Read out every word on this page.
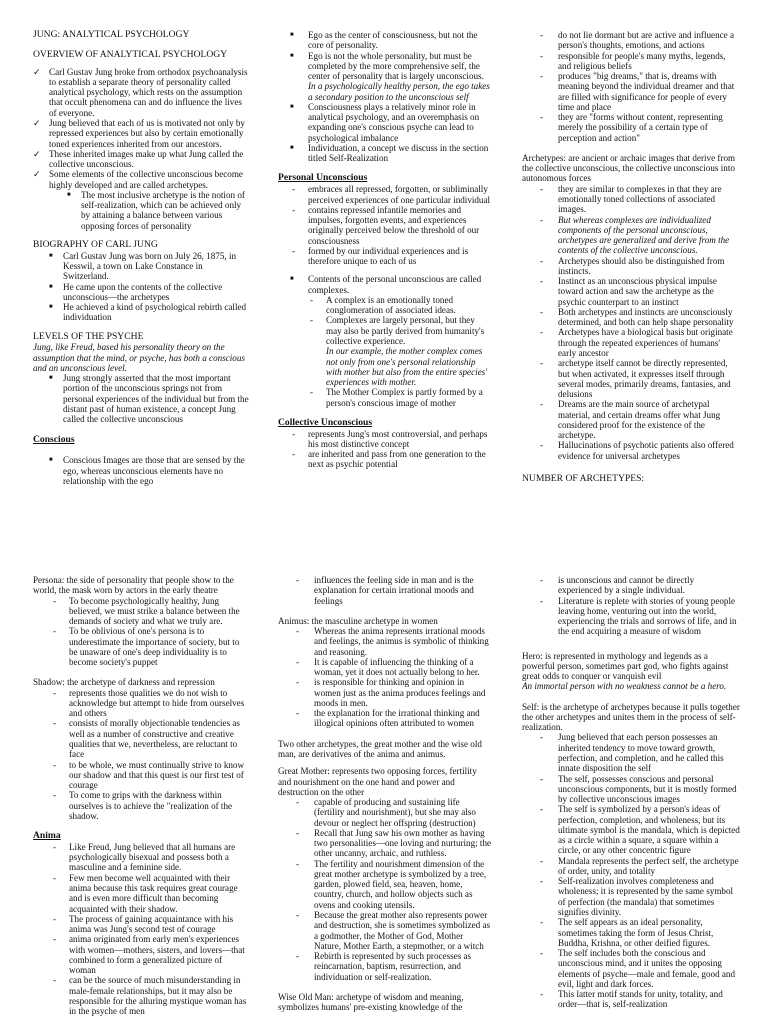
JUNG: ANALYTICAL PSYCHOLOGY
OVERVIEW OF ANALYTICAL PSYCHOLOGY
✓ Carl Gustav Jung broke from orthodox psychoanalysis to establish a separate theory of personality called analytical psychology, which rests on the assumption that occult phenomena can and do influence the lives of everyone.
✓ Jung believed that each of us is motivated not only by repressed experiences but also by certain emotionally toned experiences inherited from our ancestors.
✓ These inherited images make up what Jung called the collective unconscious.
✓ Some elements of the collective unconscious become highly developed and are called archetypes.
■	The most inclusive archetype is the notion of self-realization, which can be achieved only by attaining a balance between various opposing forces of personality
BIOGRAPHY OF CARL JUNG
■	Carl Gustav Jung was born on July 26, 1875, in Kesswil, a town on Lake Constance in Switzerland.
■	He came upon the contents of the collective unconscious—the archetypes
■	He achieved a kind of psychological rebirth called individuation
LEVELS OF THE PSYCHE
Jung, like Freud, based his personality theory on the assumption that the mind, or psyche, has both a conscious and an unconscious level.
■	Jung strongly asserted that the most important portion of the unconscious springs not from personal experiences of the individual but from the distant past of human existence, a concept Jung called the collective unconscious
Conscious
■	Conscious Images are those that are sensed by the ego, whereas unconscious elements have no relationship with the ego
■	Ego as the center of consciousness, but not the core of personality.
■	Ego is not the whole personality, but must be completed by the more comprehensive self, the center of personality that is largely unconscious.
In a psychologically healthy person, the ego takes a secondary position to the unconscious self
■	Consciousness plays a relatively minor role in analytical psychology, and an overemphasis on expanding one's conscious psyche can lead to psychological imbalance
■	Individuation, a concept we discuss in the section titled Self-Realization
Personal Unconscious
-	embraces all repressed, forgotten, or subliminally perceived experiences of one particular individual
-	contains repressed infantile memories and impulses, forgotten events, and experiences originally perceived below the threshold of our consciousness
-	formed by our individual experiences and is therefore unique to each of us
■	Contents of the personal unconscious are called complexes.
-	A complex is an emotionally toned conglomeration of associated ideas.
-	Complexes are largely personal, but they may also be partly derived from humanity's collective experience.
In our example, the mother complex comes not only from one's personal relationship with mother but also from the entire species' experiences with mother.
-	The Mother Complex is partly formed by a person's conscious image of mother
Collective Unconscious
-	represents Jung's most controversial, and perhaps his most distinctive concept
-	are inherited and pass from one generation to the next as psychic potential
-	do not lie dormant but are active and influence a person's thoughts, emotions, and actions
-	responsible for people's many myths, legends, and religious beliefs
-	produces "big dreams," that is, dreams with meaning beyond the individual dreamer and that are filled with significance for people of every time and place
-	they are "forms without content, representing merely the possibility of a certain type of perception and action"
Archetypes: are ancient or archaic images that derive from the collective unconscious, the collective unconscious into autonomous forces
-	they are similar to complexes in that they are emotionally toned collections of associated images.
-	But whereas complexes are individualized components of the personal unconscious, archetypes are generalized and derive from the contents of the collective unconscious.
-	Archetypes should also be distinguished from instincts.
-	Instinct as an unconscious physical impulse toward action and saw the archetype as the psychic counterpart to an instinct
-	Both archetypes and instincts are unconsciously determined, and both can help shape personality
-	Archetypes have a biological basis but originate through the repeated experiences of humans' early ancestor
-	archetype itself cannot be directly represented, but when activated, it expresses itself through several modes, primarily dreams, fantasies, and delusions
-	Dreams are the main source of archetypal material, and certain dreams offer what Jung considered proof for the existence of the archetype.
-	Hallucinations of psychotic patients also offered evidence for universal archetypes
NUMBER OF ARCHETYPES:
Persona: the side of personality that people show to the world, the mask worn by actors in the early theatre
-	To become psychologically healthy, Jung believed, we must strike a balance between the demands of society and what we truly are.
-	To be oblivious of one's persona is to underestimate the importance of society, but to be unaware of one's deep individuality is to become society's puppet
Shadow: the archetype of darkness and repression
-	represents those qualities we do not wish to acknowledge but attempt to hide from ourselves and others
-	consists of morally objectionable tendencies as well as a number of constructive and creative qualities that we, nevertheless, are reluctant to face
-	to be whole, we must continually strive to know our shadow and that this quest is our first test of courage
-	To come to grips with the darkness within ourselves is to achieve the "realization of the shadow.
Anima
-	Like Freud, Jung believed that all humans are psychologically bisexual and possess both a masculine and a feminine side.
-	Few men become well acquainted with their anima because this task requires great courage and is even more difficult than becoming acquainted with their shadow.
-	The process of gaining acquaintance with his anima was Jung's second test of courage
-	anima originated from early men's experiences with women—mothers, sisters, and lovers—that combined to form a generalized picture of woman
-	can be the source of much misunderstanding in male-female relationships, but it may also be responsible for the alluring mystique woman has in the psyche of men
-	influences the feeling side in man and is the explanation for certain irrational moods and feelings
Animus: the masculine archetype in women
-	Whereas the anima represents irrational moods and feelings, the animus is symbolic of thinking and reasoning.
-	It is capable of influencing the thinking of a woman, yet it does not actually belong to her.
-	is responsible for thinking and opinion in women just as the anima produces feelings and moods in men.
-	the explanation for the irrational thinking and illogical opinions often attributed to women
Two other archetypes, the great mother and the wise old man, are derivatives of the anima and animus.
Great Mother: represents two opposing forces, fertility and nourishment on the one hand and power and destruction on the other
-	capable of producing and sustaining life (fertility and nourishment), but she may also devour or neglect her offspring (destruction)
-	Recall that Jung saw his own mother as having two personalities—one loving and nurturing; the other uncanny, archaic, and ruthless.
-	The fertility and nourishment dimension of the great mother archetype is symbolized by a tree, garden, plowed field, sea, heaven, home, country, church, and hollow objects such as ovens and cooking utensils.
-	Because the great mother also represents power and destruction, she is sometimes symbolized as a godmother, the Mother of God, Mother Nature, Mother Earth, a stepmother, or a witch
-	Rebirth is represented by such processes as reincarnation, baptism, resurrection, and individuation or self-realization.
Wise Old Man: archetype of wisdom and meaning, symbolizes humans' pre-existing knowledge of the
-	is unconscious and cannot be directly experienced by a single individual.
-	Literature is replete with stories of young people leaving home, venturing out into the world, experiencing the trials and sorrows of life, and in the end acquiring a measure of wisdom
Hero: is represented in mythology and legends as a powerful person, sometimes part god, who fights against great odds to conquer or vanquish evil
An immortal person with no weakness cannot be a hero.
Self: is the archetype of archetypes because it pulls together the other archetypes and unites them in the process of self-realization.
-	Jung believed that each person possesses an inherited tendency to move toward growth, perfection, and completion, and he called this innate disposition the self
-	The self, possesses conscious and personal unconscious components, but it is mostly formed by collective unconscious images
-	The self is symbolized by a person's ideas of perfection, completion, and wholeness, but its ultimate symbol is the mandala, which is depicted as a circle within a square, a square within a circle, or any other concentric figure
-	Mandala represents the perfect self, the archetype of order, unity, and totality
-	Self-realization involves completeness and wholeness; it is represented by the same symbol of perfection (the mandala) that sometimes signifies divinity.
-	The self appears as an ideal personality, sometimes taking the form of Jesus Christ, Buddha, Krishna, or other deified figures.
-	The self includes both the conscious and unconscious mind, and it unites the opposing elements of psyche—male and female, good and evil, light and dark forces.
-	This latter motif stands for unity, totality, and order—that is, self-realization
